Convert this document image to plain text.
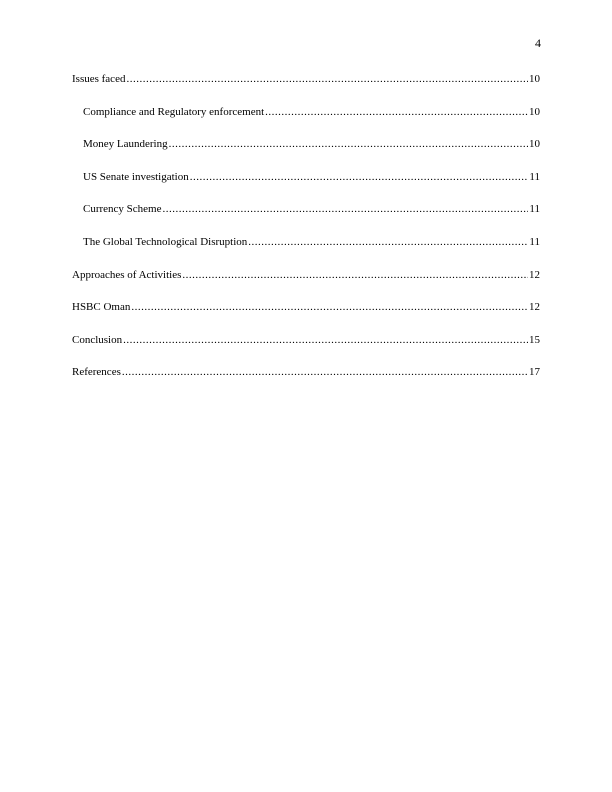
4
Issues faced .....	10
Compliance and Regulatory enforcement .....	10
Money Laundering .....	10
US Senate investigation .....	11
Currency Scheme .....	11
The Global Technological Disruption .....	11
Approaches of Activities .....	12
HSBC Oman .....	12
Conclusion .....	15
References .....	17
